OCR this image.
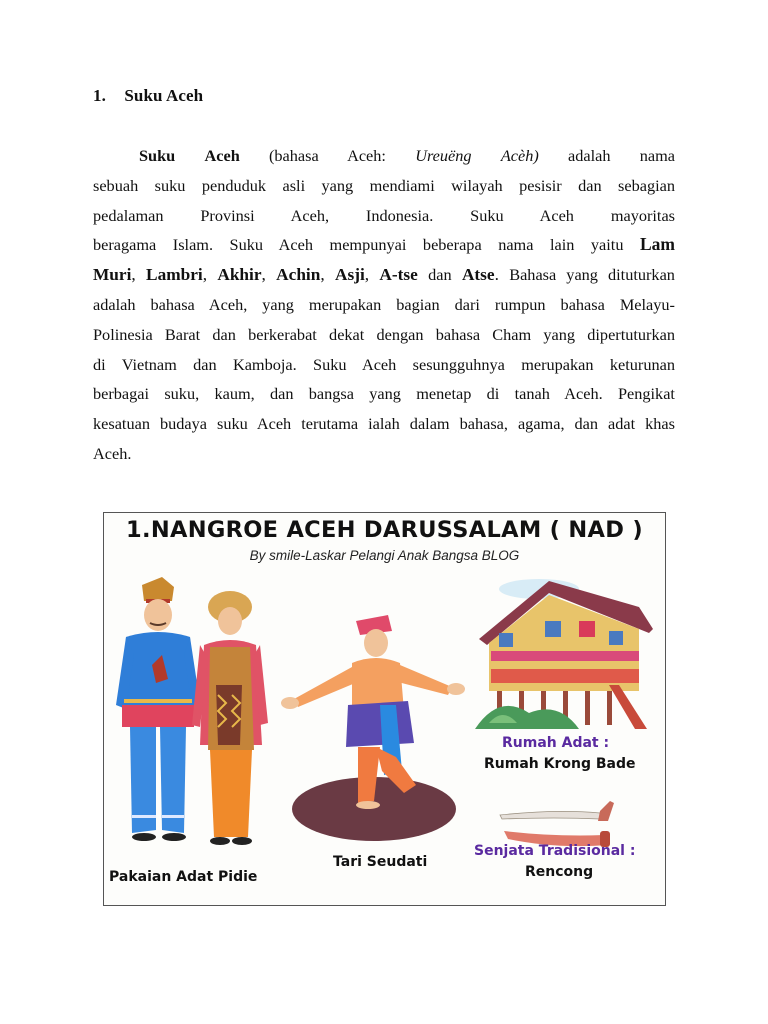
1. Suku Aceh
Suku Aceh (bahasa Aceh: Ureuëng Acèh) adalah nama
sebuah suku penduduk asli yang mendiami wilayah pesisir dan sebagian
pedalaman Provinsi Aceh, Indonesia. Suku Aceh mayoritas
beragama Islam. Suku Aceh mempunyai beberapa nama lain yaitu Lam
Muri, Lambri, Akhir, Achin, Asji, A-tse dan Atse. Bahasa yang dituturkan
adalah bahasa Aceh, yang merupakan bagian dari rumpun bahasa Melayu-
Polinesia Barat dan berkerabat dekat dengan bahasa Cham yang dipertuturkan
di Vietnam dan Kamboja. Suku Aceh sesungguhnya merupakan keturunan
berbagai suku, kaum, dan bangsa yang menetap di tanah Aceh. Pengikat
kesatuan budaya suku Aceh terutama ialah dalam bahasa, agama, dan adat khas
Aceh.
1.NANGROE ACEH DARUSSALAM ( NAD )
By smile-Laskar Pelangi Anak Bangsa BLOG
Pakaian Adat Pidie
Tari Seudati
Rumah Adat :
Rumah Krong Bade
Senjata Tradisional :
Rencong
